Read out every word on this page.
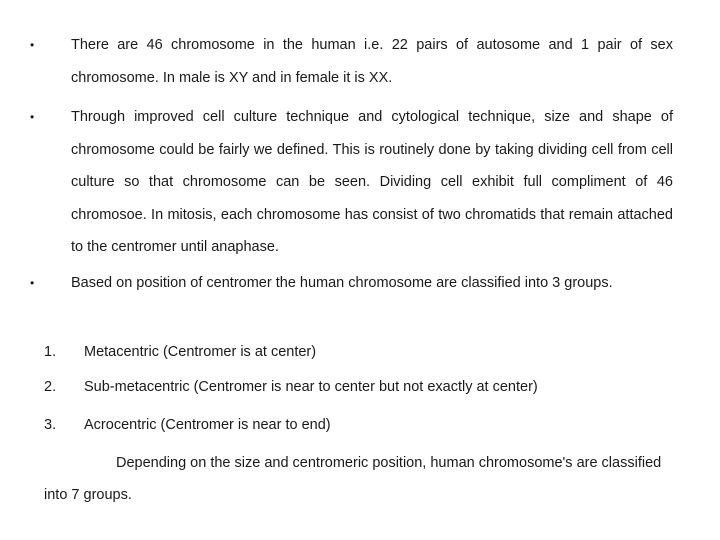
•	There are 46 chromosome in the human i.e. 22 pairs of autosome and 1 pair of sex chromosome. In male is XY and in female it is XX.
•	Through improved cell culture technique and cytological technique, size and shape of chromosome could be fairly we defined. This is routinely done by taking dividing cell from cell culture so that chromosome can be seen. Dividing cell exhibit full compliment of 46 chromosoe. In mitosis, each chromosome has consist of two chromatids that remain attached to the centromer until anaphase.
•	Based on position of centromer the human chromosome are classified into 3 groups.
1. Metacentric (Centromer is at center)
2. Sub-metacentric (Centromer is near to center but not exactly at center)
3. Acrocentric (Centromer is near to end)
Depending on the size and centromeric position, human chromosome's are classified into 7 groups.
